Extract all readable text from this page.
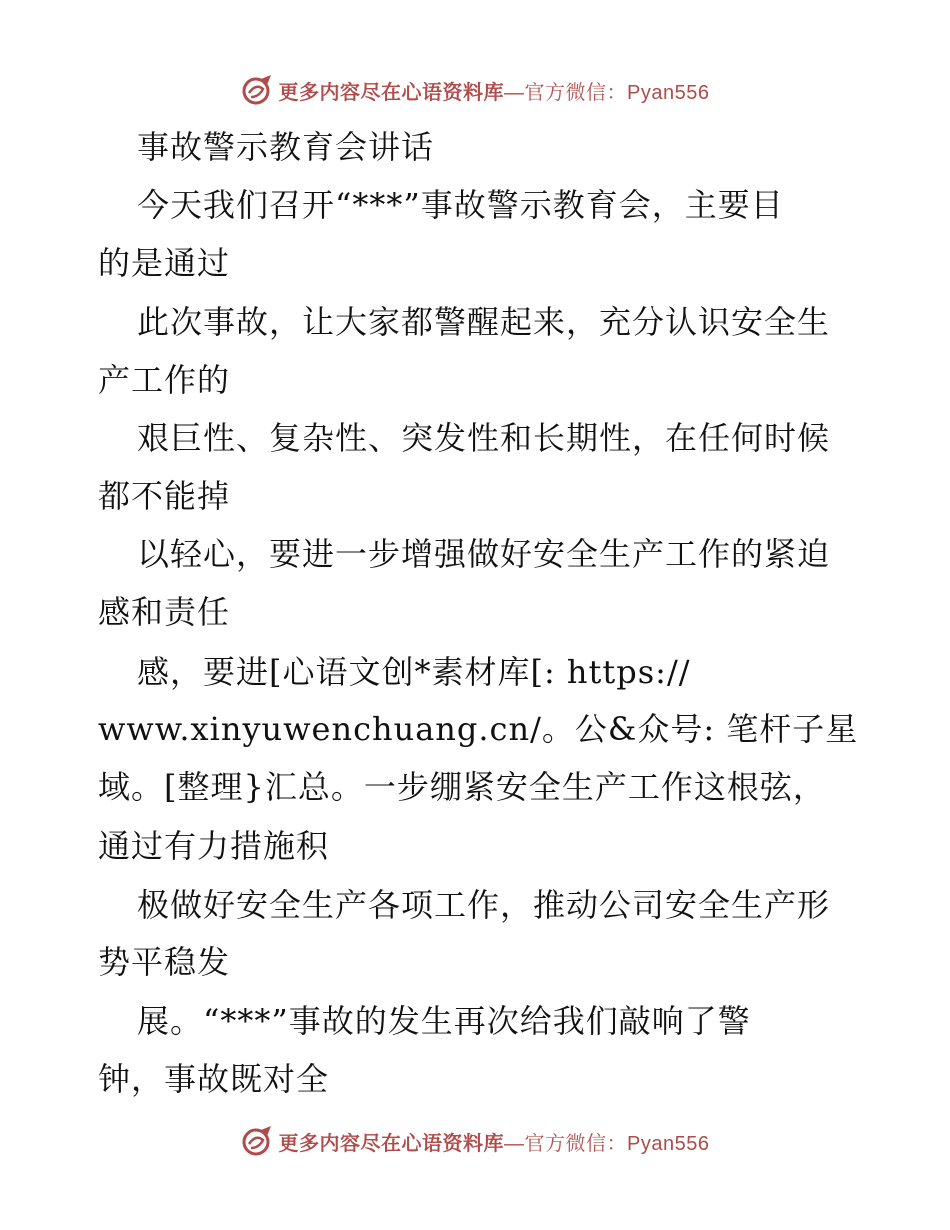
更多内容尽在心语资料库—官方微信：Pyan556
事故警示教育会讲话
今天我们召开“***”事故警示教育会，主要目
的是通过
此次事故，让大家都警醒起来，充分认识安全生
产工作的
艰巨性、复杂性、突发性和长期性，在任何时候
都不能掉
以轻心，要进一步增强做好安全生产工作的紧迫
感和责任
感，要进[心语文创*素材库[: https://
www.xinyuwenchuang.cn/。公&众号: 笔杆子星
域。[整理}汇总。一步绷紧安全生产工作这根弦，
通过有力措施积
极做好安全生产各项工作，推动公司安全生产形
势平稳发
展。“***”事故的发生再次给我们敲响了警
钟，事故既对全
更多内容尽在心语资料库—官方微信：Pyan556
